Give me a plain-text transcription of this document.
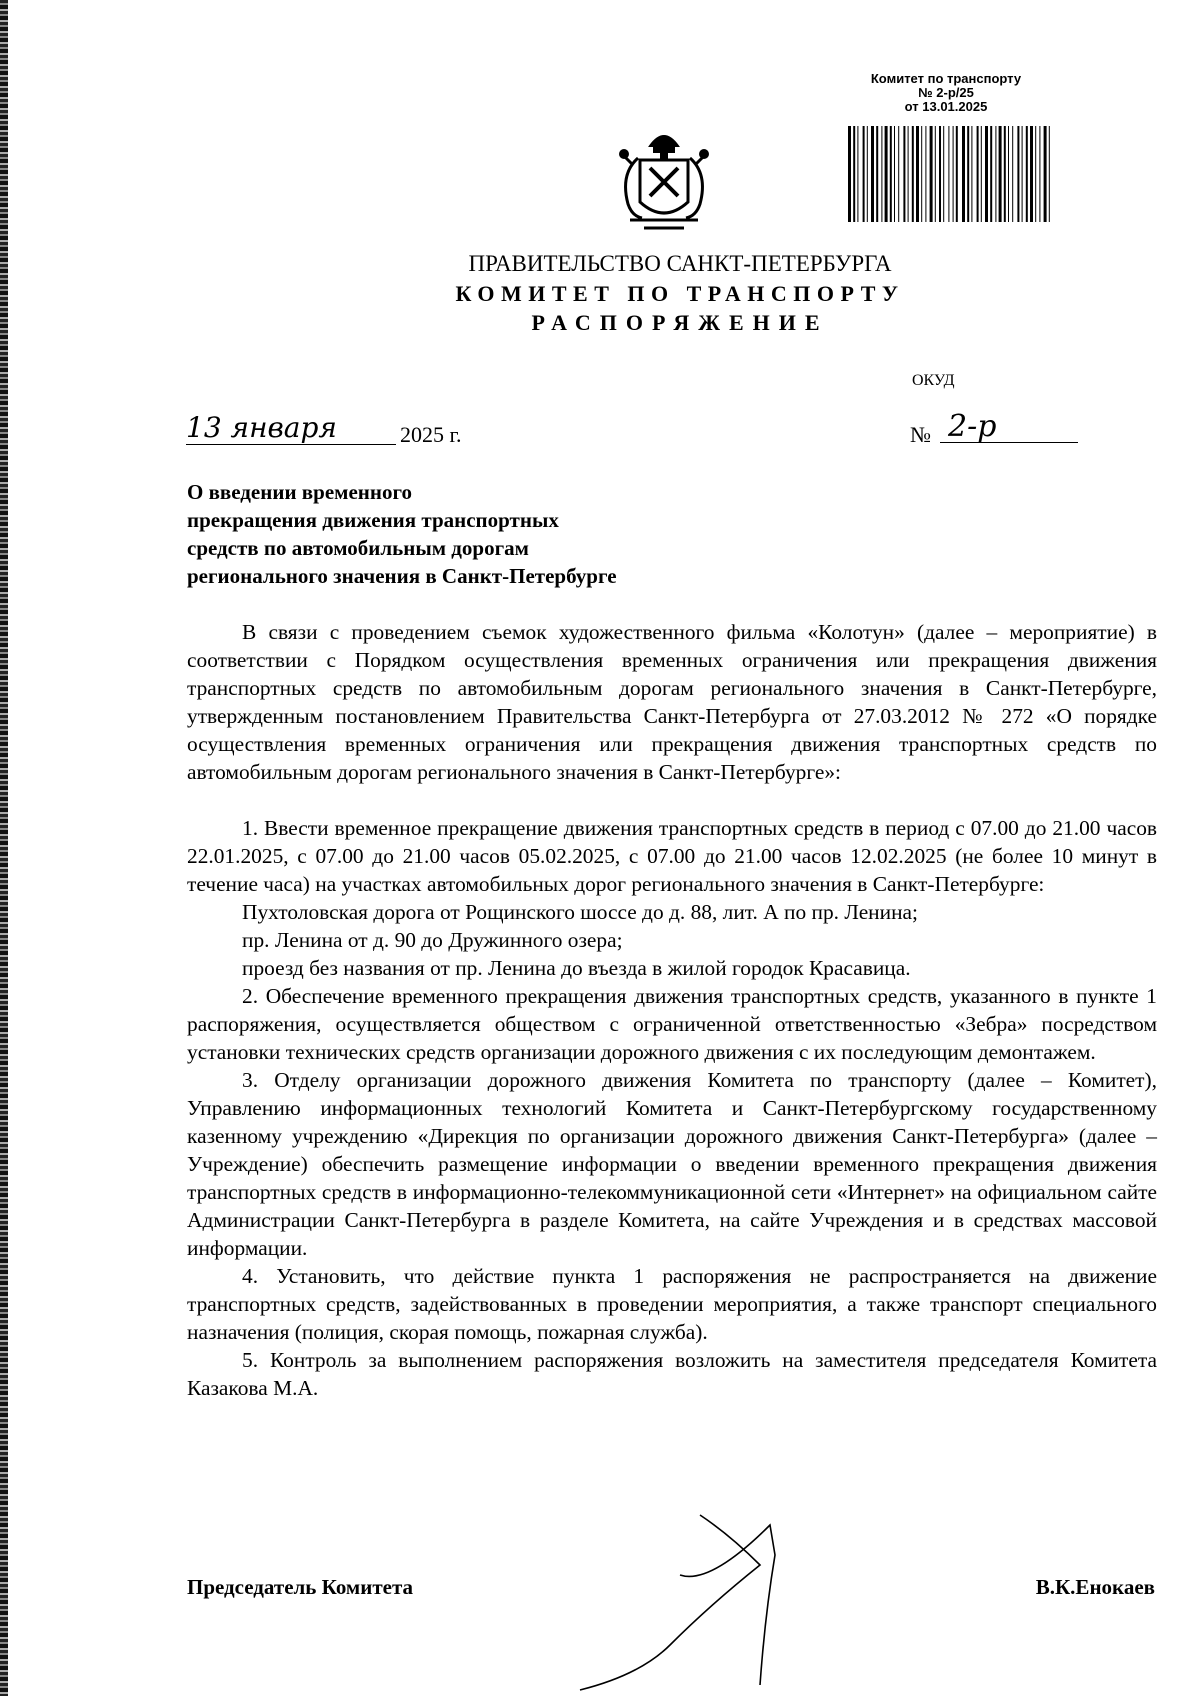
Комитет по транспорту
№ 2-р/25
от 13.01.2025
ПРАВИТЕЛЬСТВО САНКТ-ПЕТЕРБУРГА
КОМИТЕТ ПО ТРАНСПОРТУ
РАСПОРЯЖЕНИЕ
ОКУД
13 января	2025 г.	№ 2-р
О введении временного
прекращения движения транспортных
средств по автомобильным дорогам
регионального значения в Санкт-Петербурге

В связи с проведением съемок художественного фильма «Колотун» (далее – мероприятие) в соответствии с Порядком осуществления временных ограничения или прекращения движения транспортных средств по автомобильным дорогам регионального значения в Санкт-Петербурге, утвержденным постановлением Правительства Санкт-Петербурга от 27.03.2012 № 272 «О порядке осуществления временных ограничения или прекращения движения транспортных средств по автомобильным дорогам регионального значения в Санкт-Петербурге»:

1. Ввести временное прекращение движения транспортных средств в период с 07.00 до 21.00 часов 22.01.2025, с 07.00 до 21.00 часов 05.02.2025, с 07.00 до 21.00 часов 12.02.2025 (не более 10 минут в течение часа) на участках автомобильных дорог регионального значения в Санкт-Петербурге:

Пухтоловская дорога от Рощинского шоссе до д. 88, лит. А по пр. Ленина;

пр. Ленина от д. 90 до Дружинного озера;

проезд без названия от пр. Ленина до въезда в жилой городок Красавица.

2. Обеспечение временного прекращения движения транспортных средств, указанного в пункте 1 распоряжения, осуществляется обществом с ограниченной ответственностью «Зебра» посредством установки технических средств организации дорожного движения с их последующим демонтажем.

3. Отделу организации дорожного движения Комитета по транспорту (далее – Комитет), Управлению информационных технологий Комитета и Санкт-Петербургскому государственному казенному учреждению «Дирекция по организации дорожного движения Санкт-Петербурга» (далее – Учреждение) обеспечить размещение информации о введении временного прекращения движения транспортных средств в информационно-телекоммуникационной сети «Интернет» на официальном сайте Администрации Санкт-Петербурга в разделе Комитета, на сайте Учреждения и в средствах массовой информации.

4. Установить, что действие пункта 1 распоряжения не распространяется на движение транспортных средств, задействованных в проведении мероприятия, а также транспорт специального назначения (полиция, скорая помощь, пожарная служба).

5. Контроль за выполнением распоряжения возложить на заместителя председателя Комитета Казакова М.А.

Председатель Комитета	В.К.Енокаев
